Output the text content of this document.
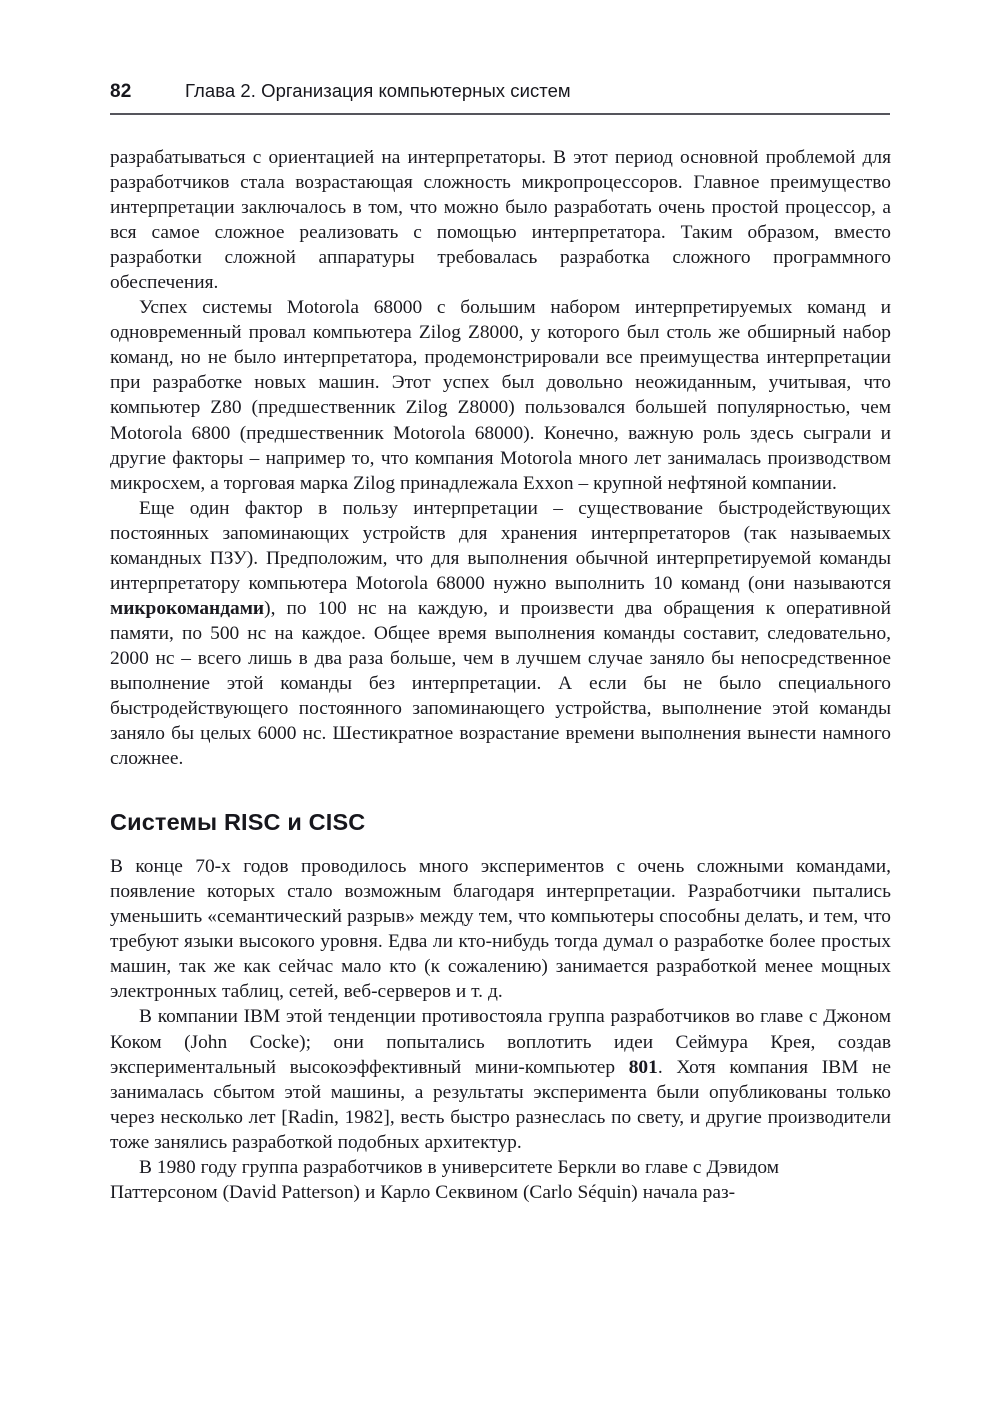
82	Глава 2. Организация компьютерных систем

разрабатываться с ориентацией на интерпретаторы. В этот период основной проблемой для разработчиков стала возрастающая сложность микропроцессоров. Главное преимущество интерпретации заключалось в том, что можно было разработать очень простой процессор, а вся самое сложное реализовать с помощью интерпретатора. Таким образом, вместо разработки сложной аппаратуры требовалась разработка сложного программного обеспечения.

Успех системы Motorola 68000 с большим набором интерпретируемых команд и одновременный провал компьютера Zilog Z8000, у которого был столь же обширный набор команд, но не было интерпретатора, продемонстрировали все преимущества интерпретации при разработке новых машин. Этот успех был довольно неожиданным, учитывая, что компьютер Z80 (предшественник Zilog Z8000) пользовался большей популярностью, чем Motorola 6800 (предшественник Motorola 68000). Конечно, важную роль здесь сыграли и другие факторы – например то, что компания Motorola много лет занималась производством микросхем, а торговая марка Zilog принадлежала Exxon – крупной нефтяной компании.

Еще один фактор в пользу интерпретации – существование быстродействующих постоянных запоминающих устройств для хранения интерпретаторов (так называемых командных ПЗУ). Предположим, что для выполнения обычной интерпретируемой команды интерпретатору компьютера Motorola 68000 нужно выполнить 10 команд (они называются микрокомандами), по 100 нс на каждую, и произвести два обращения к оперативной памяти, по 500 нс на каждое. Общее время выполнения команды составит, следовательно, 2000 нс – всего лишь в два раза больше, чем в лучшем случае заняло бы непосредственное выполнение этой команды без интерпретации. А если бы не было специального быстродействующего постоянного запоминающего устройства, выполнение этой команды заняло бы целых 6000 нс. Шестикратное возрастание времени выполнения вынести намного сложнее.

Системы RISC и CISC

В конце 70-х годов проводилось много экспериментов с очень сложными командами, появление которых стало возможным благодаря интерпретации. Разработчики пытались уменьшить «семантический разрыв» между тем, что компьютеры способны делать, и тем, что требуют языки высокого уровня. Едва ли кто-нибудь тогда думал о разработке более простых машин, так же как сейчас мало кто (к сожалению) занимается разработкой менее мощных электронных таблиц, сетей, веб-серверов и т. д.

В компании IBM этой тенденции противостояла группа разработчиков во главе с Джоном Коком (John Cocke); они попытались воплотить идеи Сеймура Крея, создав экспериментальный высокоэффективный мини-компьютер 801. Хотя компания IBM не занималась сбытом этой машины, а результаты эксперимента были опубликованы только через несколько лет [Radin, 1982], весть быстро разнеслась по свету, и другие производители тоже занялись разработкой подобных архитектур.

В 1980 году группа разработчиков в университете Беркли во главе с Дэвидом Паттерсоном (David Patterson) и Карло Секвином (Carlo Séquin) начала раз-
